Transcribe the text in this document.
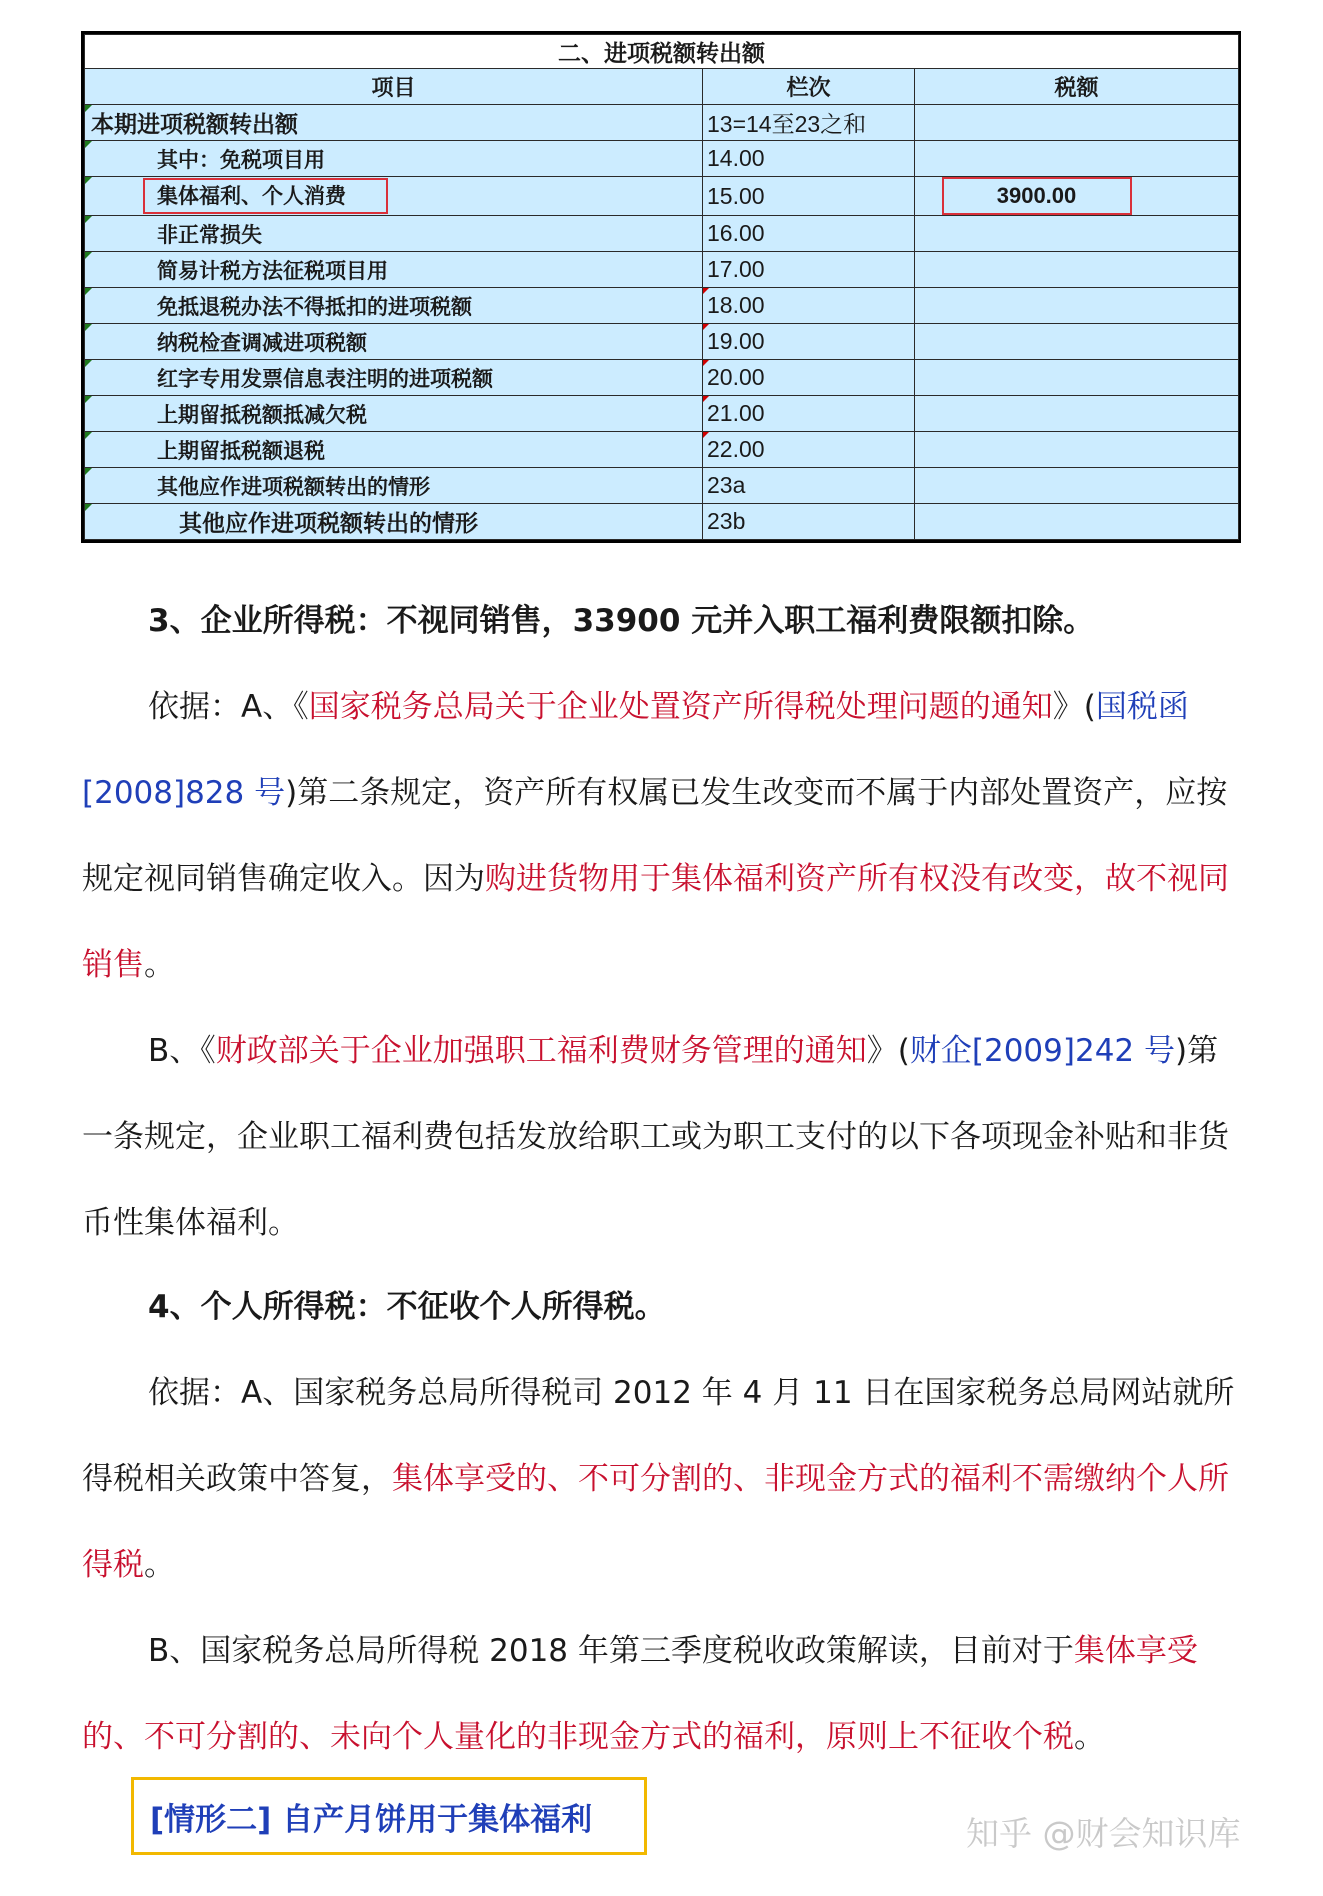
二、进项税额转出额		
项目	栏次	税额
本期进项税额转出额	13=14至23之和	
其中：免税项目用	14.00	
集体福利、个人消费	15.00	3900.00
非正常损失	16.00	
简易计税方法征税项目用	17.00	
免抵退税办法不得抵扣的进项税额	18.00	
纳税检查调减进项税额	19.00	
红字专用发票信息表注明的进项税额	20.00	
上期留抵税额抵减欠税	21.00	
上期留抵税额退税	22.00	
其他应作进项税额转出的情形	23a	
其他应作进项税额转出的情形	23b	

3、企业所得税：不视同销售，33900 元并入职工福利费限额扣除。

依据：A、《国家税务总局关于企业处置资产所得税处理问题的通知》(国税函[2008]828 号)第二条规定，资产所有权属已发生改变而不属于内部处置资产，应按规定视同销售确定收入。因为购进货物用于集体福利资产所有权没有改变，故不视同销售。

B、《财政部关于企业加强职工福利费财务管理的通知》(财企[2009]242 号)第一条规定，企业职工福利费包括发放给职工或为职工支付的以下各项现金补贴和非货币性集体福利。

4、个人所得税：不征收个人所得税。

依据：A、国家税务总局所得税司 2012 年 4 月 11 日在国家税务总局网站就所得税相关政策中答复，集体享受的、不可分割的、非现金方式的福利不需缴纳个人所得税。

B、国家税务总局所得税 2018 年第三季度税收政策解读，目前对于集体享受的、不可分割的、未向个人量化的非现金方式的福利，原则上不征收个税。

[情形二] 自产月饼用于集体福利	知乎 @财会知识库
